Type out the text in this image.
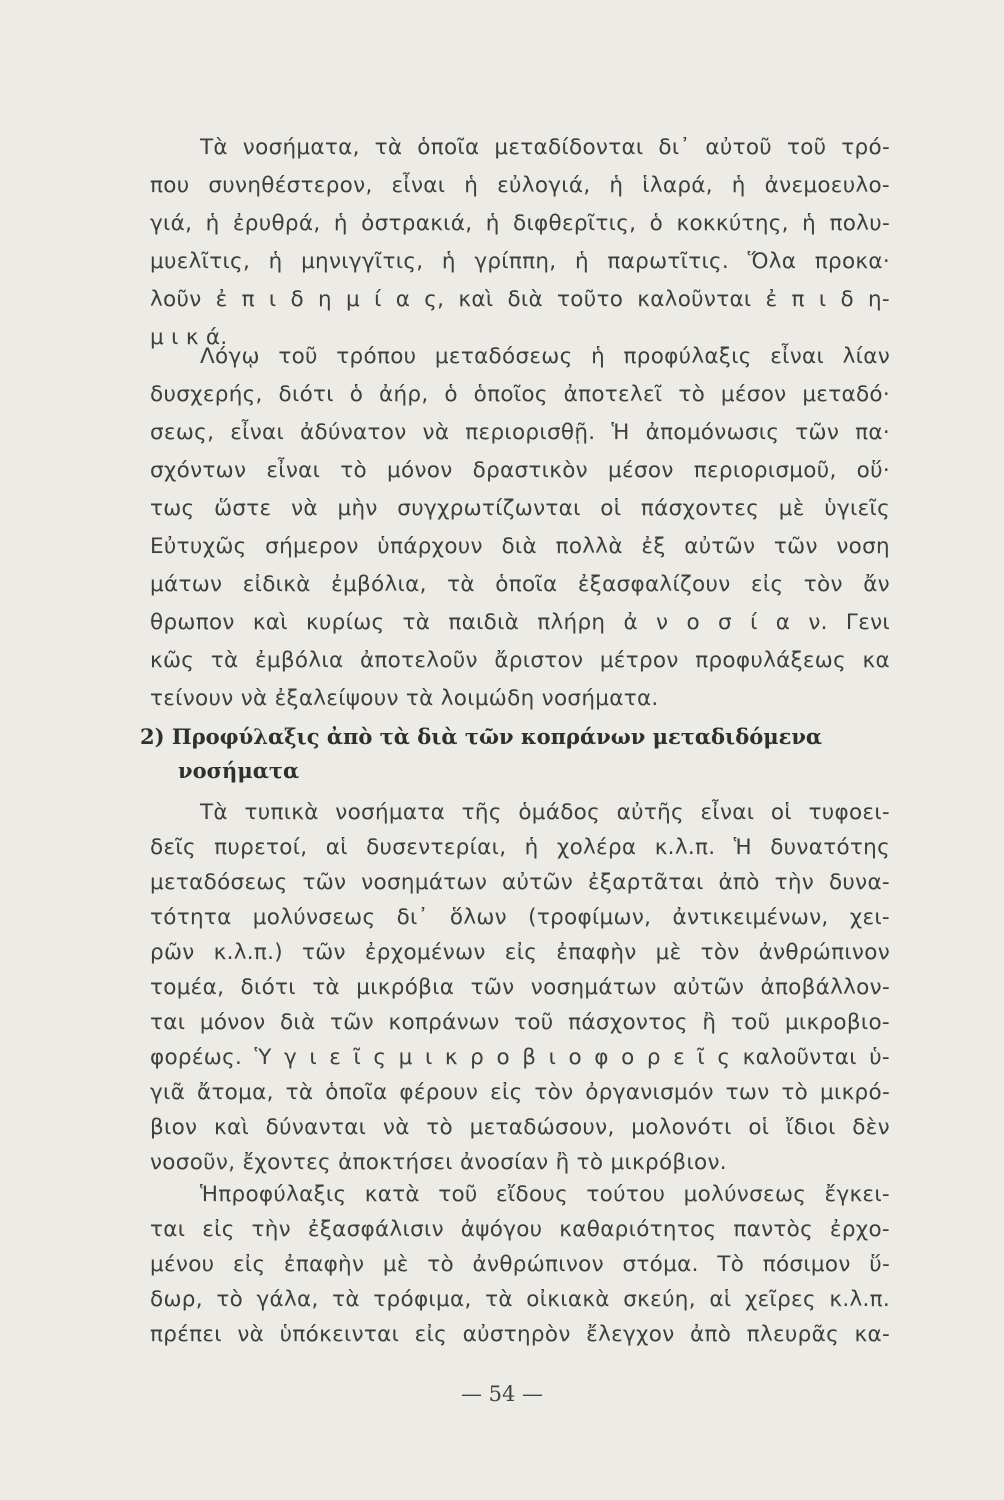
Τὰ νοσήματα, τὰ ὁποῖα μεταδίδονται δι᾽ αὐτοῦ τοῦ τρό-
που συνηθέστερον, εἶναι ἡ εὐλογιά, ἡ ἱλαρά, ἡ ἀνεμοευλο-
γιά, ἡ ἐρυθρά, ἡ ὀστρακιά, ἡ διφθερῖτις, ὁ κοκκύτης, ἡ πολυ-
μυελῖτις, ἡ μηνιγγῖτις, ἡ γρίππη, ἡ παρωτῖτις. Ὅλα προκα·
λοῦν ἐ π ι δ η μ ί α ς, καὶ διὰ τοῦτο καλοῦνται ἐ π ι δ η-
μ ι κ ά.
Λόγῳ τοῦ τρόπου μεταδόσεως ἡ προφύλαξις εἶναι λίαν
δυσχερής, διότι ὁ ἀήρ, ὁ ὁποῖος ἀποτελεῖ τὸ μέσον μεταδό·
σεως, εἶναι ἀδύνατον νὰ περιορισθῇ. Ἡ ἀπομόνωσις τῶν πα·
σχόντων εἶναι τὸ μόνον δραστικὸν μέσον περιορισμοῦ, οὕ·
τως ὥστε νὰ μὴν συγχρωτίζωνται οἱ πάσχοντες μὲ ὑγιεῖς
Εὐτυχῶς σήμερον ὑπάρχουν διὰ πολλὰ ἐξ αὐτῶν τῶν νοση
μάτων εἰδικὰ ἐμβόλια, τὰ ὁποῖα ἐξασφαλίζουν εἰς τὸν ἄν
θρωπον καὶ κυρίως τὰ παιδιὰ πλήρη ἀ ν ο σ ί α ν. Γενι
κῶς τὰ ἐμβόλια ἀποτελοῦν ἄριστον μέτρον προφυλάξεως κα
τείνουν νὰ ἐξαλείψουν τὰ λοιμώδη νοσήματα.
2) Προφύλαξις ἀπὸ τὰ διὰ τῶν κοπράνων μεταδιδόμενα
νοσήματα
Τὰ τυπικὰ νοσήματα τῆς ὁμάδος αὐτῆς εἶναι οἱ τυφοει-
δεῖς πυρετοί, αἱ δυσεντερίαι, ἡ χολέρα κ.λ.π. Ἡ δυνατότης
μεταδόσεως τῶν νοσημάτων αὐτῶν ἐξαρτᾶται ἀπὸ τὴν δυνα-
τότητα μολύνσεως δι᾽ ὅλων (τροφίμων, ἀντικειμένων, χει-
ρῶν κ.λ.π.) τῶν ἐρχομένων εἰς ἐπαφὴν μὲ τὸν ἀνθρώπινον
τομέα, διότι τὰ μικρόβια τῶν νοσημάτων αὐτῶν ἀποβάλλον-
ται μόνον διὰ τῶν κοπράνων τοῦ πάσχοντος ἢ τοῦ μικροβιο-
φορέως. Ὑ γ ι ε ῖ ς μ ι κ ρ ο β ι ο φ ο ρ ε ῖ ς καλοῦνται ὑ-
γιᾶ ἄτομα, τὰ ὁποῖα φέρουν εἰς τὸν ὀργανισμόν των τὸ μικρό-
βιον καὶ δύνανται νὰ τὸ μεταδώσουν, μολονότι οἱ ἴδιοι δὲν
νοσοῦν, ἔχοντες ἀποκτήσει ἀνοσίαν ἢ τὸ μικρόβιον.
Ἡπροφύλαξις κατὰ τοῦ εἴδους τούτου μολύνσεως ἔγκει-
ται εἰς τὴν ἐξασφάλισιν ἀψόγου καθαριότητος παντὸς ἐρχο-
μένου εἰς ἐπαφὴν μὲ τὸ ἀνθρώπινον στόμα. Τὸ πόσιμον ὕ-
δωρ, τὸ γάλα, τὰ τρόφιμα, τὰ οἰκιακὰ σκεύη, αἱ χεῖρες κ.λ.π.
πρέπει νὰ ὑπόκεινται εἰς αὐστηρὸν ἔλεγχον ἀπὸ πλευρᾶς κα-
— 54 —
